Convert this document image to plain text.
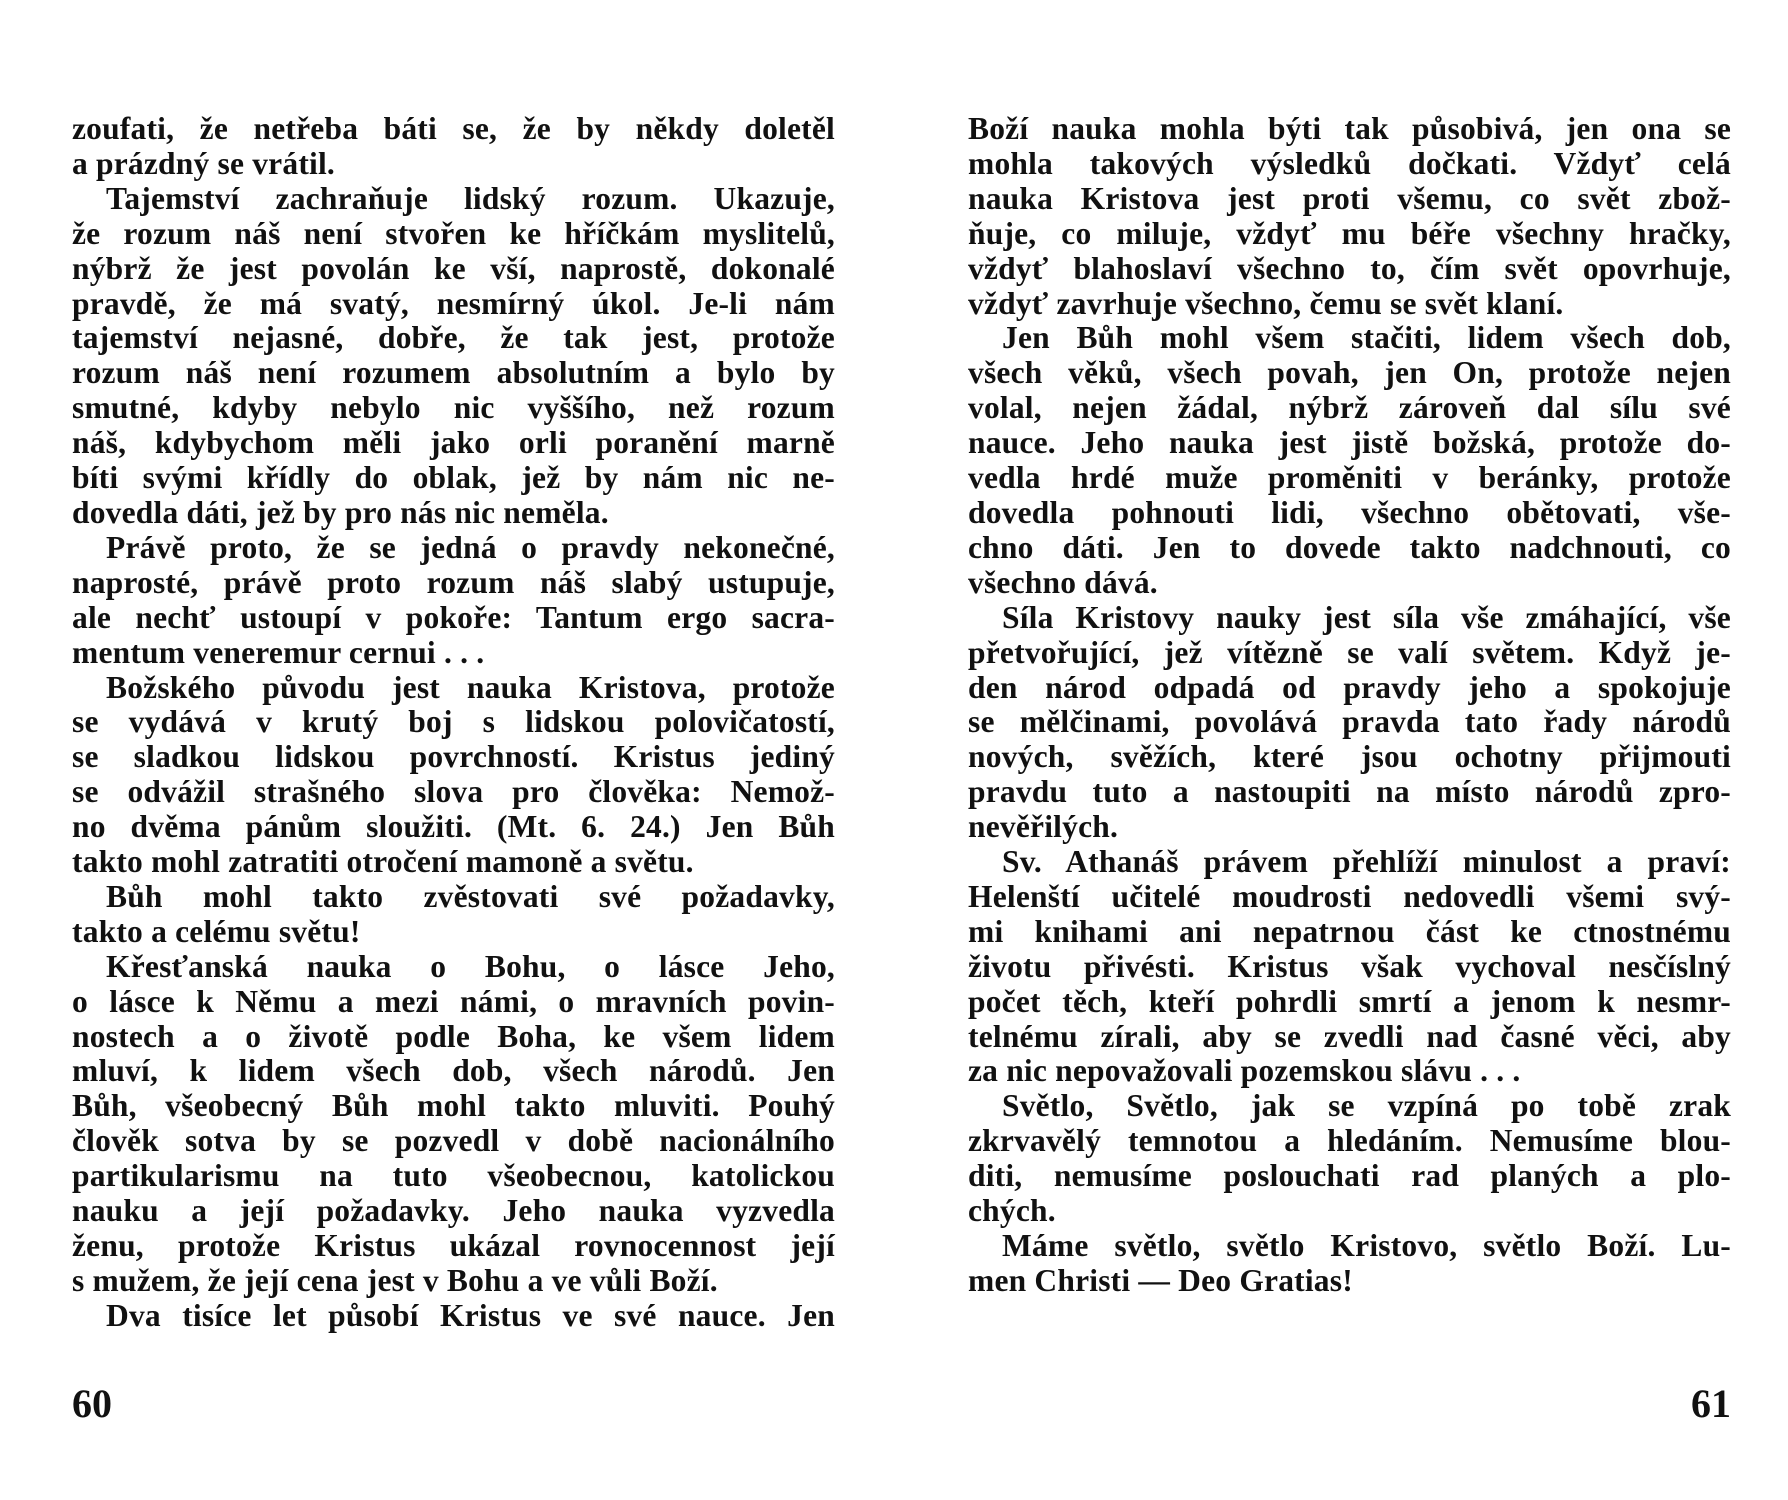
zoufati, že netřeba báti se, že by někdy doletěl
a prázdný se vrátil.
Tajemství zachraňuje lidský rozum. Ukazuje,
že rozum náš není stvořen ke hříčkám myslitelů,
nýbrž že jest povolán ke vší, naprostě, dokonalé
pravdě, že má svatý, nesmírný úkol. Je-li nám
tajemství nejasné, dobře, že tak jest, protože
rozum náš není rozumem absolutním a bylo by
smutné, kdyby nebylo nic vyššího, než rozum
náš, kdybychom měli jako orli poranění marně
bíti svými křídly do oblak, jež by nám nic ne-
dovedla dáti, jež by pro nás nic neměla.
Právě proto, že se jedná o pravdy nekonečné,
naprosté, právě proto rozum náš slabý ustupuje,
ale nechť ustoupí v pokoře: Tantum ergo sacra-
mentum veneremur cernui . . .
Božského původu jest nauka Kristova, protože
se vydává v krutý boj s lidskou polovičatostí,
se sladkou lidskou povrchností. Kristus jediný
se odvážil strašného slova pro člověka: Nemož-
no dvěma pánům sloužiti. (Mt. 6. 24.) Jen Bůh
takto mohl zatratiti otročení mamoně a světu.
Bůh mohl takto zvěstovati své požadavky,
takto a celému světu!
Křesťanská nauka o Bohu, o lásce Jeho,
o lásce k Němu a mezi námi, o mravních povin-
nostech a o životě podle Boha, ke všem lidem
mluví, k lidem všech dob, všech národů. Jen
Bůh, všeobecný Bůh mohl takto mluviti. Pouhý
člověk sotva by se pozvedl v době nacionálního
partikularismu na tuto všeobecnou, katolickou
nauku a její požadavky. Jeho nauka vyzvedla
ženu, protože Kristus ukázal rovnocennost její
s mužem, že její cena jest v Bohu a ve vůli Boží.
Dva tisíce let působí Kristus ve své nauce. Jen
60
Boží nauka mohla býti tak působivá, jen ona se
mohla takových výsledků dočkati. Vždyť celá
nauka Kristova jest proti všemu, co svět zbož-
ňuje, co miluje, vždyť mu béře všechny hračky,
vždyť blahoslaví všechno to, čím svět opovrhuje,
vždyť zavrhuje všechno, čemu se svět klaní.
Jen Bůh mohl všem stačiti, lidem všech dob,
všech věků, všech povah, jen On, protože nejen
volal, nejen žádal, nýbrž zároveň dal sílu své
nauce. Jeho nauka jest jistě božská, protože do-
vedla hrdé muže proměniti v beránky, protože
dovedla pohnouti lidi, všechno obětovati, vše-
chno dáti. Jen to dovede takto nadchnouti, co
všechno dává.
Síla Kristovy nauky jest síla vše zmáhající, vše
přetvořující, jež vítězně se valí světem. Když je-
den národ odpadá od pravdy jeho a spokojuje
se mělčinami, povolává pravda tato řady národů
nových, svěžích, které jsou ochotny přijmouti
pravdu tuto a nastoupiti na místo národů zpro-
nevěřilých.
Sv. Athanáš právem přehlíží minulost a praví:
Helenští učitelé moudrosti nedovedli všemi svý-
mi knihami ani nepatrnou část ke ctnostnému
životu přivésti. Kristus však vychoval nesčíslný
počet těch, kteří pohrdli smrtí a jenom k nesmr-
telnému zírali, aby se zvedli nad časné věci, aby
za nic nepovažovali pozemskou slávu . . .
Světlo, Světlo, jak se vzpíná po tobě zrak
zkrvavělý temnotou a hledáním. Nemusíme blou-
diti, nemusíme poslouchati rad planých a plo-
chých.
Máme světlo, světlo Kristovo, světlo Boží. Lu-
men Christi — Deo Gratias!
61
